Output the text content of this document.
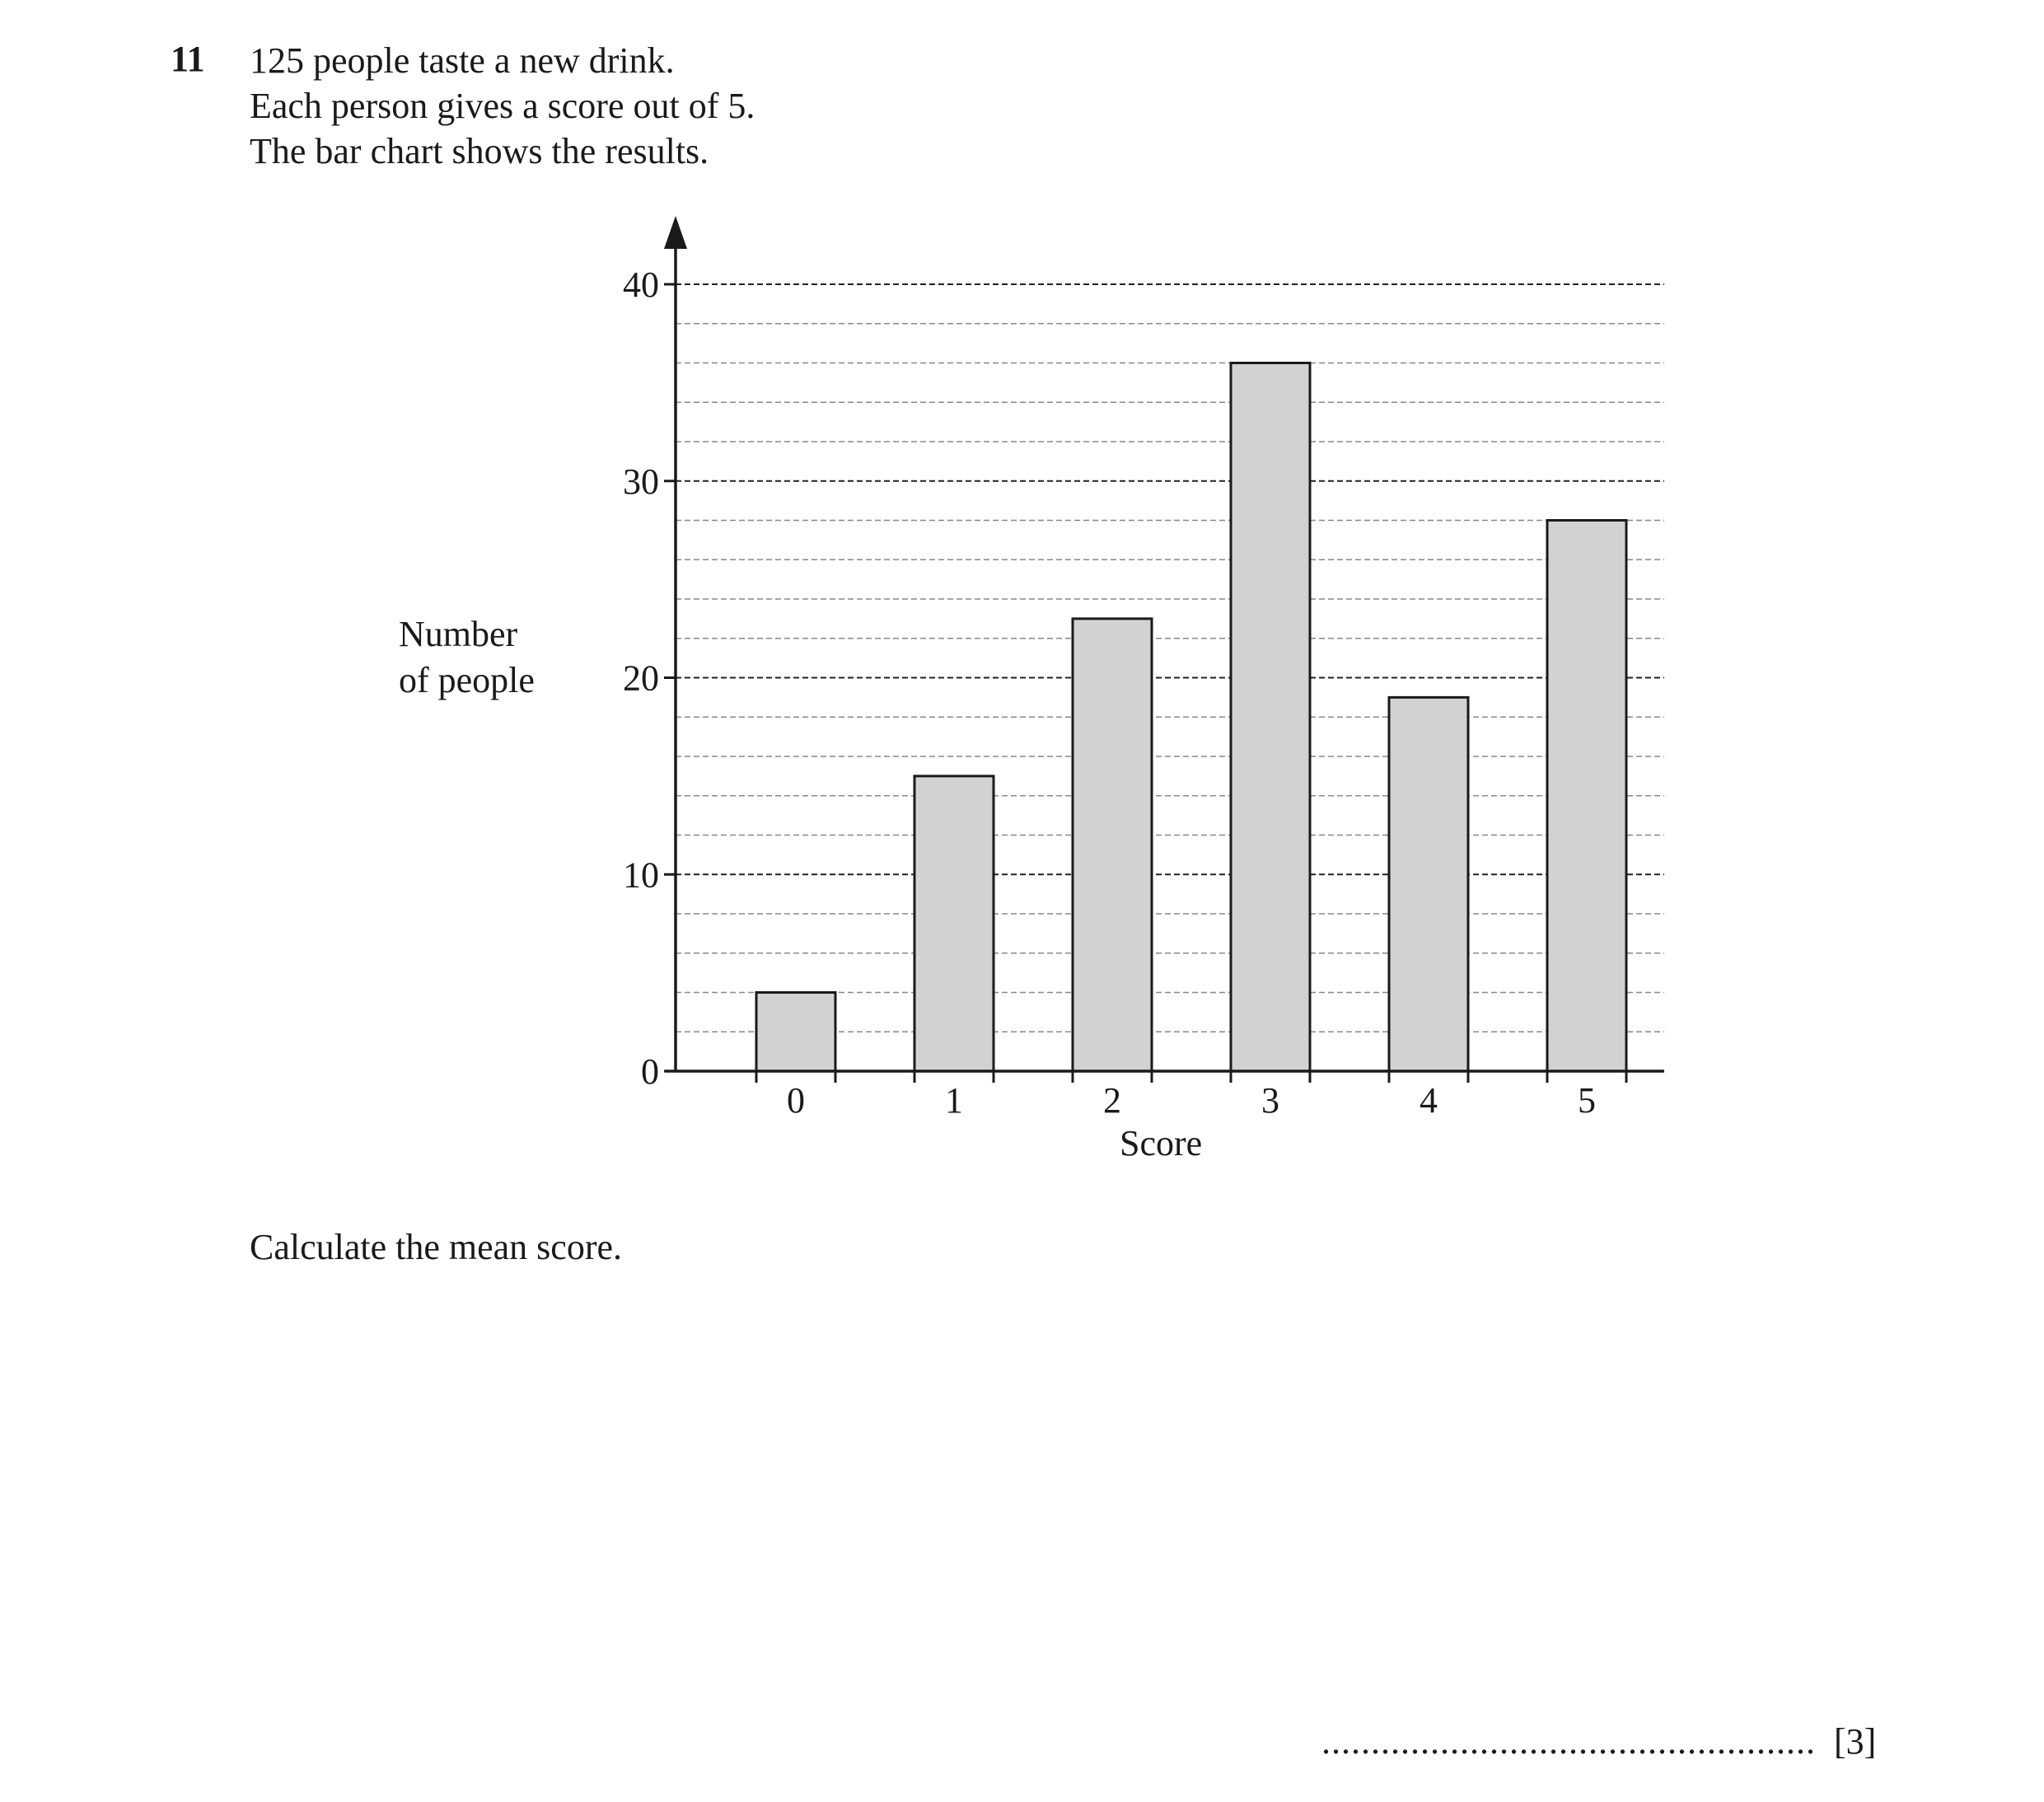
11 125 people taste a new drink.
Each person gives a score out of 5.
The bar chart shows the results.
0
10
20
30
40
0	1	2	3	4	5
Number
of people
Score
Calculate the mean score.
.................................................. [3]
